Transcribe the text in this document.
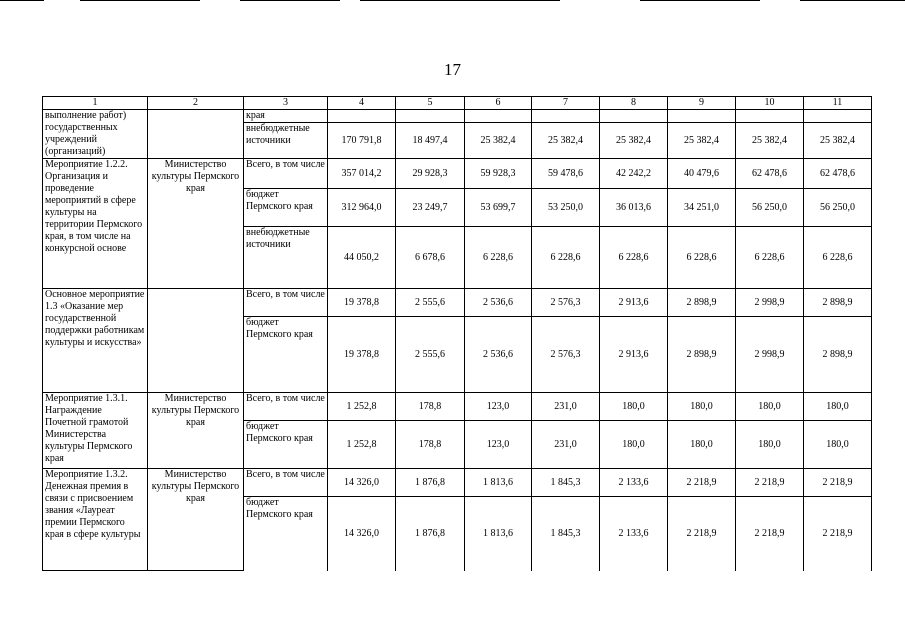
17
1	2	3	4	5	6	7	8	9	10	11
выполнение работ) государственных учреждений (организаций)		края								
		внебюджетные источники	170 791,8	18 497,4	25 382,4	25 382,4	25 382,4	25 382,4	25 382,4	25 382,4
Мероприятие 1.2.2. Организация и проведение мероприятий в сфере культуры на территории Пермского края, в том числе на конкурсной основе	Министерство культуры Пермского края	Всего, в том числе	357 014,2	29 928,3	59 928,3	59 478,6	42 242,2	40 479,6	62 478,6	62 478,6
		бюджет Пермского края	312 964,0	23 249,7	53 699,7	53 250,0	36 013,6	34 251,0	56 250,0	56 250,0
		внебюджетные источники	44 050,2	6 678,6	6 228,6	6 228,6	6 228,6	6 228,6	6 228,6	6 228,6
Основное мероприятие 1.3 «Оказание мер государственной поддержки работникам культуры и искусства»		Всего, в том числе	19 378,8	2 555,6	2 536,6	2 576,3	2 913,6	2 898,9	2 998,9	2 898,9
		бюджет Пермского края	19 378,8	2 555,6	2 536,6	2 576,3	2 913,6	2 898,9	2 998,9	2 898,9
Мероприятие 1.3.1. Награждение Почетной грамотой Министерства культуры Пермского края	Министерство культуры Пермского края	Всего, в том числе	1 252,8	178,8	123,0	231,0	180,0	180,0	180,0	180,0
		бюджет Пермского края	1 252,8	178,8	123,0	231,0	180,0	180,0	180,0	180,0
Мероприятие 1.3.2. Денежная премия в связи с присвоением звания «Лауреат премии Пермского края в сфере культуры	Министерство культуры Пермского края	Всего, в том числе	14 326,0	1 876,8	1 813,6	1 845,3	2 133,6	2 218,9	2 218,9	2 218,9
		бюджет Пермского края	14 326,0	1 876,8	1 813,6	1 845,3	2 133,6	2 218,9	2 218,9	2 218,9
